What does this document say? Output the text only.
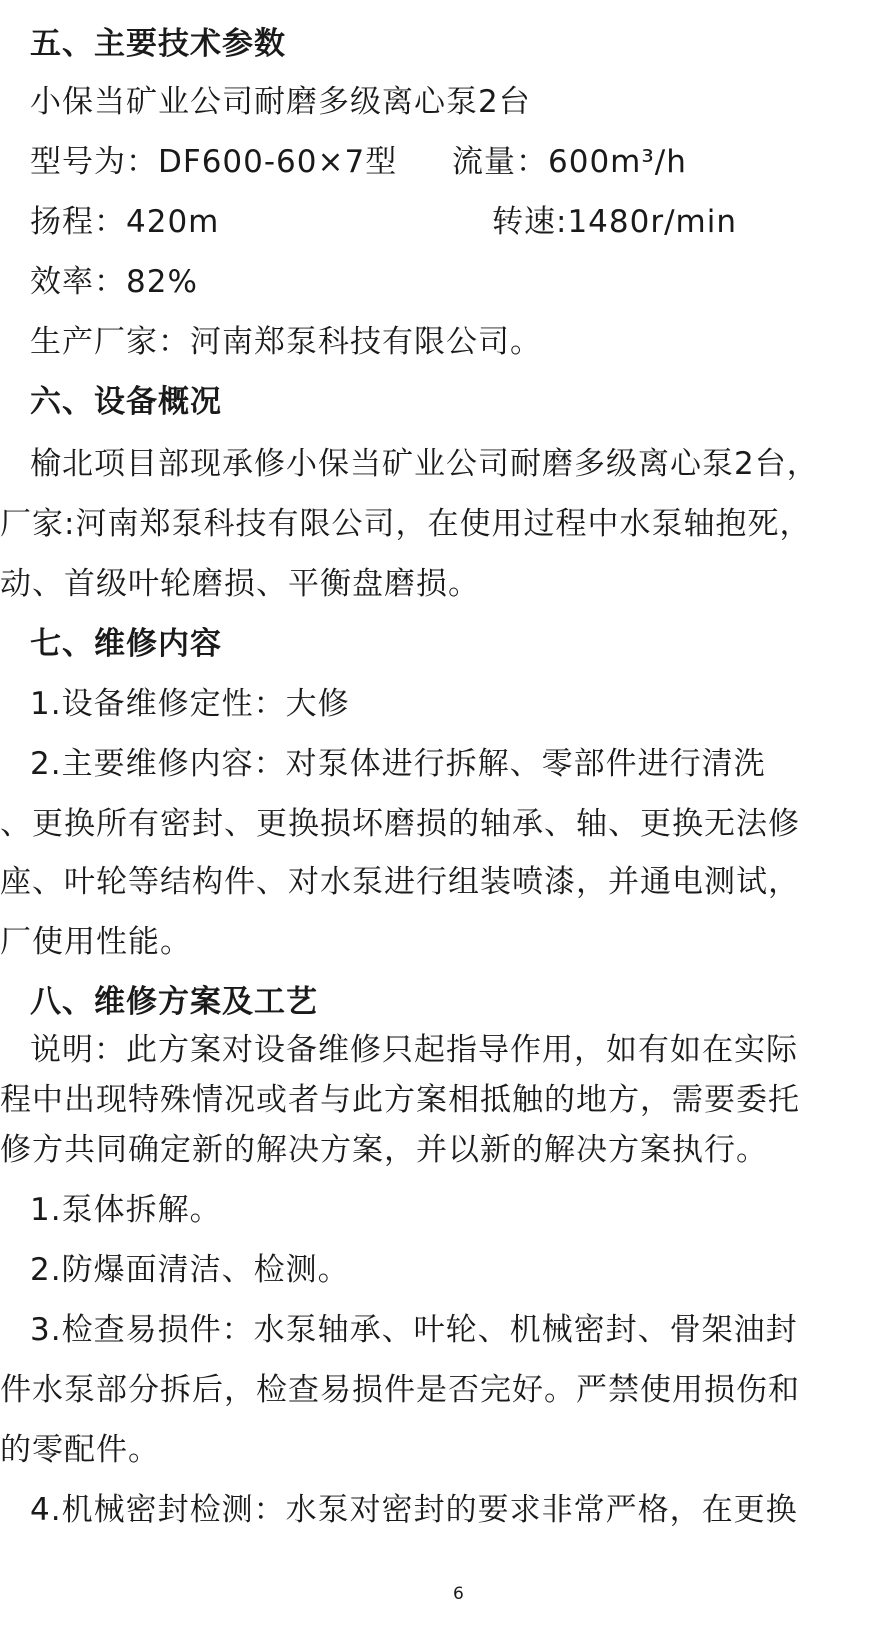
五、主要技术参数
小保当矿业公司耐磨多级离心泵2台
型号为：DF600-60×7型 流量：600m³/h
扬程：420m	转速:1480r/min
效率：82%
生产厂家：河南郑泵科技有限公司。
六、设备概况
榆北项目部现承修小保当矿业公司耐磨多级离心泵2台，
厂家:河南郑泵科技有限公司，在使用过程中水泵轴抱死，
动、首级叶轮磨损、平衡盘磨损。
七、维修内容
1.设备维修定性：大修
2.主要维修内容：对泵体进行拆解、零部件进行清洗
、更换所有密封、更换损坏磨损的轴承、轴、更换无法修
座、叶轮等结构件、对水泵进行组装喷漆，并通电测试，
厂使用性能。
八、维修方案及工艺
说明：此方案对设备维修只起指导作用，如有如在实际
程中出现特殊情况或者与此方案相抵触的地方，需要委托
修方共同确定新的解决方案，并以新的解决方案执行。
1.泵体拆解。
2.防爆面清洁、检测。
3.检查易损件：水泵轴承、叶轮、机械密封、骨架油封
件水泵部分拆后，检查易损件是否完好。严禁使用损伤和
的零配件。
4.机械密封检测：水泵对密封的要求非常严格，在更换
6
